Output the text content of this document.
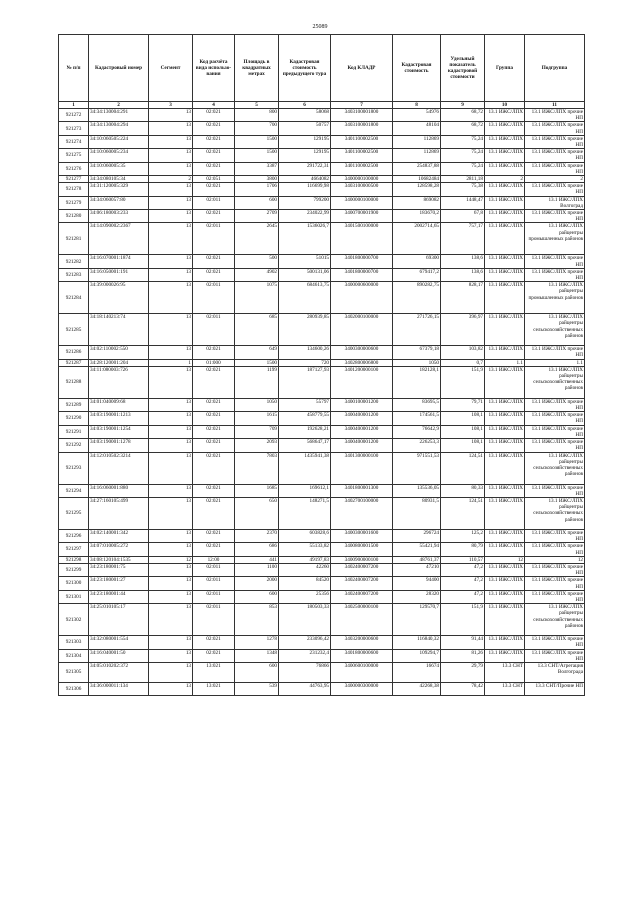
25089
№ п/п	Кадастровый номер	Сегмент	Код расчёта вида использо-вания	Площадь в квадратных метрах	Кадастровая стоимость предыдущего тура	Код КЛАДР	Кадастровая стоимость	Удельный показатель кадастровой стоимости	Группа	Подгруппа
1	2	3	4	5	6	7	8	9	10	11
921272	34:34:130004:291	13	02:021	800	58068	3403100001800	54976	68,72	13.1 ИЖС/ЛПХ	13.1 ИЖС/ЛПХ прочие НП
921273	34:34:130004:294	13	02:021	700	50757	3403100001800	48104	68,72	13.1 ИЖС/ЛПХ	13.1 ИЖС/ЛПХ прочие НП
921274	34:10:060505:224	13	02:021	1500	129195	3401100002500	112869	75,24	13.1 ИЖС/ЛПХ	13.1 ИЖС/ЛПХ прочие НП
921275	34:10:060005:234	13	02:021	1500	129195	3401100002500	112869	75,24	13.1 ИЖС/ЛПХ	13.1 ИЖС/ЛПХ прочие НП
921276	34:10:060005:35	13	02:021	3387	291722,31	3401100002500	254837,88	75,24	13.1 ИЖС/ЛПХ	13.1 ИЖС/ЛПХ прочие НП
921277	34:34:080105:34	2	02:051	3800	4664082	3400000100000	10682484	2811,18	2	2
921278	34:31:120005:329	13	02:021	1706	116699,98	3403100000500	128598,28	75,38	13.1 ИЖС/ЛПХ	13.1 ИЖС/ЛПХ прочие НП
921279	34:34:060057:80	13	02:011	600	799200	3400000100000	869082	1448,47	13.1 ИЖС/ЛПХ	13.1 ИЖС/ЛПХ Волгоград
921280	34:06:180003:233	13	02:021	2709	234022,99	3400700001900	183670,2	67,8	13.1 ИЖС/ЛПХ	13.1 ИЖС/ЛПХ прочие НП
921281	34:14:090002:2367	13	02:011	2645	1536026,7	3401500100000	2002714,65	757,17	13.1 ИЖС/ЛПХ	13.1 ИЖС/ЛПХ райцентры промышленных районов
921282	34:16:070001:1874	13	02:021	500	51015	3401800000700	69300	138,6	13.1 ИЖС/ЛПХ	13.1 ИЖС/ЛПХ прочие НП
921283	34:16:050001:191	13	02:021	4902	500131,06	3401800000700	679417,2	138,6	13.1 ИЖС/ЛПХ	13.1 ИЖС/ЛПХ прочие НП
921284	34:39:000026:95	13	02:011	1075	684613,75	3400000600000	890282,75	828,17	13.1 ИЖС/ЛПХ	13.1 ИЖС/ЛПХ райцентры промышленных районов
921285	34:18:140213:74	13	02:011	685	280939,85	3402000100000	271726,15	396,97	13.1 ИЖС/ЛПХ	13.1 ИЖС/ЛПХ райцентры сельскохозяйственных районов
921286	34:02:110002:550	13	02:021	649	134600,26	3400300000600	67379,18	103,82	13.1 ИЖС/ЛПХ	13.1 ИЖС/ЛПХ прочие НП
921287	34:28:120001:204	1	01:000	1500	720	3402800006800	1050	0,7	1.1	1.1
921288	34:11:080003:726	13	02:021	1199	187127,93	3401200000100	182128,1	151,9	13.1 ИЖС/ЛПХ	13.1 ИЖС/ЛПХ райцентры сельскохозяйственных районов
921289	34:01:040009:68	13	02:021	1050	55797	3400100001200	83695,5	79,71	13.1 ИЖС/ЛПХ	13.1 ИЖС/ЛПХ прочие НП
921290	34:03:190001:1213	13	02:021	1615	458779,55	3400400001200	174561,5	108,1	13.1 ИЖС/ЛПХ	13.1 ИЖС/ЛПХ прочие НП
921291	34:03:190001:1254	13	02:021	709	192628,21	3400400001200	76642,9	108,1	13.1 ИЖС/ЛПХ	13.1 ИЖС/ЛПХ прочие НП
921292	34:03:190001:1278	13	02:021	2093	568647,17	3400400001200	226253,3	108,1	13.1 ИЖС/ЛПХ	13.1 ИЖС/ЛПХ прочие НП
921293	34:12:010502:3214	13	02:021	7803	1435941,38	3401300000100	971551,53	124,51	13.1 ИЖС/ЛПХ	13.1 ИЖС/ЛПХ райцентры сельскохозяйственных районов
921294	34:16:060001:880	13	02:021	1685	169612,1	3401800001300	135536,05	80,33	13.1 ИЖС/ЛПХ	13.1 ИЖС/ЛПХ прочие НП
921295	34:27:160105:499	13	02:021	650	148271,5	3402700100000	80931,5	124,51	13.1 ИЖС/ЛПХ	13.1 ИЖС/ЛПХ райцентры сельскохозяйственных районов
921296	34:02:140001:342	13	02:021	2370	603828,6	3400300001600	296724	125,2	13.1 ИЖС/ЛПХ	13.1 ИЖС/ЛПХ прочие НП
921297	34:07:010005:272	13	02:021	686	55133,82	3400800001500	55421,94	80,79	13.1 ИЖС/ЛПХ	13.1 ИЖС/ЛПХ прочие НП
921298	34:08:120104:1535	12	12:00	441	49197,83	3400900000100	48761,37	110,57	12	12
921299	34:23:180001:75	13	02:011	1100	42260	3402400007200	47210	47,2	13.1 ИЖС/ЛПХ	13.1 ИЖС/ЛПХ прочие НП
921300	34:23:180001:27	13	02:011	2000	84520	3402400007200	94400	47,2	13.1 ИЖС/ЛПХ	13.1 ИЖС/ЛПХ прочие НП
921301	34:23:180001:44	13	02:011	600	25356	3402400007200	28320	47,2	13.1 ИЖС/ЛПХ	13.1 ИЖС/ЛПХ прочие НП
921302	34:25:010105:17	13	02:011	853	180503,33	3402500000100	129570,7	151,9	13.1 ИЖС/ЛПХ	13.1 ИЖС/ЛПХ райцентры сельскохозяйственных районов
921303	34:32:080001:554	13	02:021	1278	233096,42	3403200000600	116840,32	91,44	13.1 ИЖС/ЛПХ	13.1 ИЖС/ЛПХ прочие НП
921304	34:16:040001:50	13	02:021	1348	231232,4	3401800000600	109294,7	81,26	13.1 ИЖС/ЛПХ	13.1 ИЖС/ЛПХ прочие НП
921305	34:05:010202:372	13	13:021	600	76866	3400600100000	16674	29,79	13.3 СНТ	13.3 СНТ/Агрегация Волгограда
921306	34:36:000011:134	13	13:021	539	44763,95	3400000300000	42268,38	78,42	13.3 СНТ	13.3 СНТ/Прочие НП
